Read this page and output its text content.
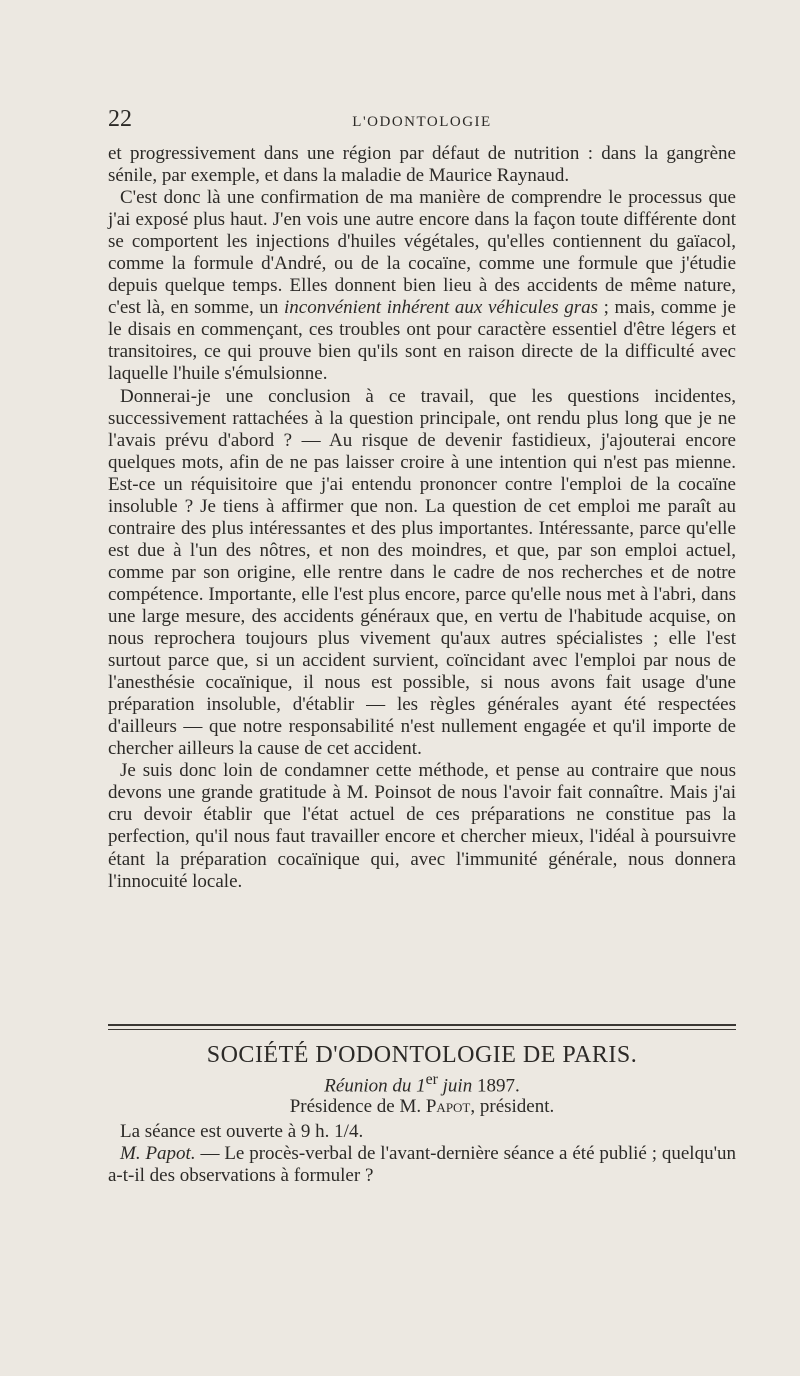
22	L'ODONTOLOGIE

et progressivement dans une région par défaut de nutrition : dans la gangrène sénile, par exemple, et dans la maladie de Maurice Raynaud.

C'est donc là une confirmation de ma manière de comprendre le processus que j'ai exposé plus haut. J'en vois une autre encore dans la façon toute différente dont se comportent les injections d'huiles végétales, qu'elles contiennent du gaïacol, comme la formule d'André, ou de la cocaïne, comme une formule que j'étudie depuis quelque temps. Elles donnent bien lieu à des accidents de même nature, c'est là, en somme, un inconvénient inhérent aux véhicules gras ; mais, comme je le disais en commençant, ces troubles ont pour caractère essentiel d'être légers et transitoires, ce qui prouve bien qu'ils sont en raison directe de la difficulté avec laquelle l'huile s'émulsionne.

Donnerai-je une conclusion à ce travail, que les questions incidentes, successivement rattachées à la question principale, ont rendu plus long que je ne l'avais prévu d'abord ? — Au risque de devenir fastidieux, j'ajouterai encore quelques mots, afin de ne pas laisser croire à une intention qui n'est pas mienne. Est-ce un réquisitoire que j'ai entendu prononcer contre l'emploi de la cocaïne insoluble ? Je tiens à affirmer que non. La question de cet emploi me paraît au contraire des plus intéressantes et des plus importantes. Intéressante, parce qu'elle est due à l'un des nôtres, et non des moindres, et que, par son emploi actuel, comme par son origine, elle rentre dans le cadre de nos recherches et de notre compétence. Importante, elle l'est plus encore, parce qu'elle nous met à l'abri, dans une large mesure, des accidents généraux que, en vertu de l'habitude acquise, on nous reprochera toujours plus vivement qu'aux autres spécialistes ; elle l'est surtout parce que, si un accident survient, coïncidant avec l'emploi par nous de l'anesthésie cocaïnique, il nous est possible, si nous avons fait usage d'une préparation insoluble, d'établir — les règles générales ayant été respectées d'ailleurs — que notre responsabilité n'est nullement engagée et qu'il importe de chercher ailleurs la cause de cet accident.

Je suis donc loin de condamner cette méthode, et pense au contraire que nous devons une grande gratitude à M. Poinsot de nous l'avoir fait connaître. Mais j'ai cru devoir établir que l'état actuel de ces préparations ne constitue pas la perfection, qu'il nous faut travailler encore et chercher mieux, l'idéal à poursuivre étant la préparation cocaïnique qui, avec l'immunité générale, nous donnera l'innocuité locale.

SOCIÉTÉ D'ODONTOLOGIE DE PARIS.
Réunion du 1er juin 1897.
Présidence de M. Papot, président.
La séance est ouverte à 9 h. 1/4.
M. Papot. — Le procès-verbal de l'avant-dernière séance a été publié ; quelqu'un a-t-il des observations à formuler ?
